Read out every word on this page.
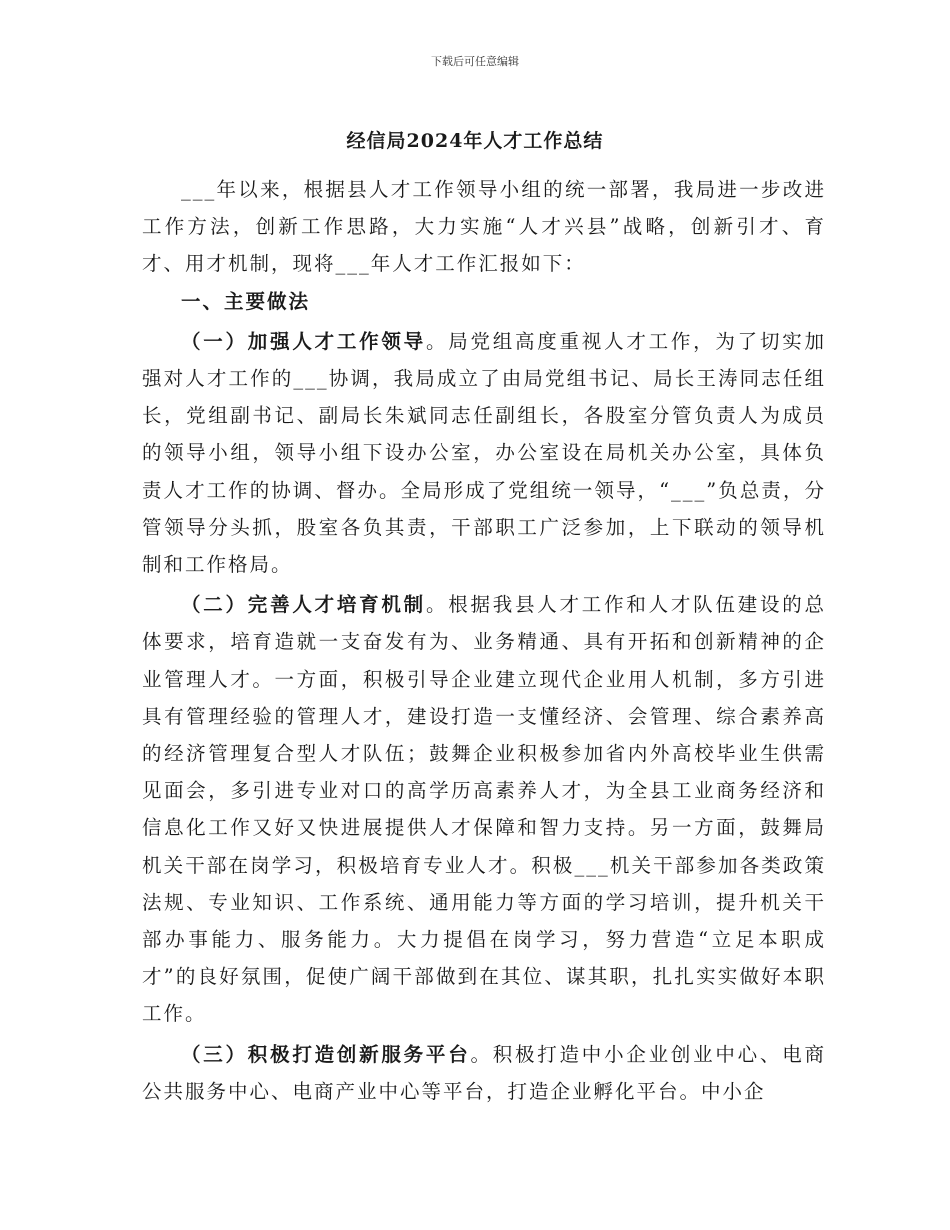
下载后可任意编辑
经信局2024年人才工作总结

___年以来，根据县人才工作领导小组的统一部署，我局进一步改进工作方法，创新工作思路，大力实施“人才兴县”战略，创新引才、育才、用才机制，现将___年人才工作汇报如下：

一、主要做法

（一）加强人才工作领导。局党组高度重视人才工作，为了切实加强对人才工作的___协调，我局成立了由局党组书记、局长王涛同志任组长，党组副书记、副局长朱斌同志任副组长，各股室分管负责人为成员的领导小组，领导小组下设办公室，办公室设在局机关办公室，具体负责人才工作的协调、督办。全局形成了党组统一领导，“___”负总责，分管领导分头抓，股室各负其责，干部职工广泛参加，上下联动的领导机制和工作格局。

（二）完善人才培育机制。根据我县人才工作和人才队伍建设的总体要求，培育造就一支奋发有为、业务精通、具有开拓和创新精神的企业管理人才。一方面，积极引导企业建立现代企业用人机制，多方引进具有管理经验的管理人才，建设打造一支懂经济、会管理、综合素养高的经济管理复合型人才队伍；鼓舞企业积极参加省内外高校毕业生供需见面会，多引进专业对口的高学历高素养人才，为全县工业商务经济和信息化工作又好又快进展提供人才保障和智力支持。另一方面，鼓舞局机关干部在岗学习，积极培育专业人才。积极___机关干部参加各类政策法规、专业知识、工作系统、通用能力等方面的学习培训，提升机关干部办事能力、服务能力。大力提倡在岗学习，努力营造“立足本职成才”的良好氛围，促使广阔干部做到在其位、谋其职，扎扎实实做好本职工作。

（三）积极打造创新服务平台。积极打造中小企业创业中心、电商公共服务中心、电商产业中心等平台，打造企业孵化平台。中小企
